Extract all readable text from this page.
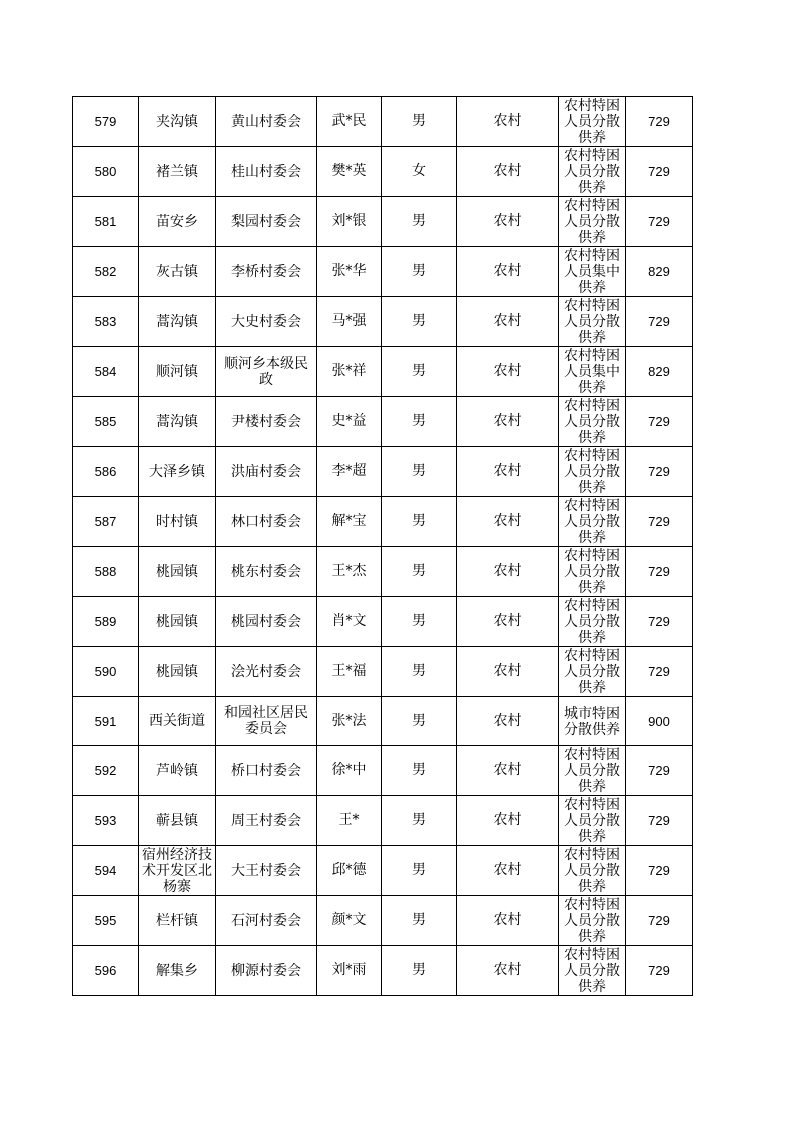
579	夹沟镇	黄山村委会	武*民	男	农村	农村特困人员分散供养	729
580	褚兰镇	桂山村委会	樊*英	女	农村	农村特困人员分散供养	729
581	苗安乡	梨园村委会	刘*银	男	农村	农村特困人员分散供养	729
582	灰古镇	李桥村委会	张*华	男	农村	农村特困人员集中供养	829
583	蒿沟镇	大史村委会	马*强	男	农村	农村特困人员分散供养	729
584	顺河镇	顺河乡本级民政	张*祥	男	农村	农村特困人员集中供养	829
585	蒿沟镇	尹楼村委会	史*益	男	农村	农村特困人员分散供养	729
586	大泽乡镇	洪庙村委会	李*超	男	农村	农村特困人员分散供养	729
587	时村镇	林口村委会	解*宝	男	农村	农村特困人员分散供养	729
588	桃园镇	桃东村委会	王*杰	男	农村	农村特困人员分散供养	729
589	桃园镇	桃园村委会	肖*文	男	农村	农村特困人员分散供养	729
590	桃园镇	浍光村委会	王*福	男	农村	农村特困人员分散供养	729
591	西关街道	和园社区居民委员会	张*法	男	农村	城市特困分散供养	900
592	芦岭镇	桥口村委会	徐*中	男	农村	农村特困人员分散供养	729
593	蕲县镇	周王村委会	王*	男	农村	农村特困人员分散供养	729
594	宿州经济技术开发区北杨寨	大王村委会	邱*德	男	农村	农村特困人员分散供养	729
595	栏杆镇	石河村委会	颜*文	男	农村	农村特困人员分散供养	729
596	解集乡	柳源村委会	刘*雨	男	农村	农村特困人员分散供养	729
